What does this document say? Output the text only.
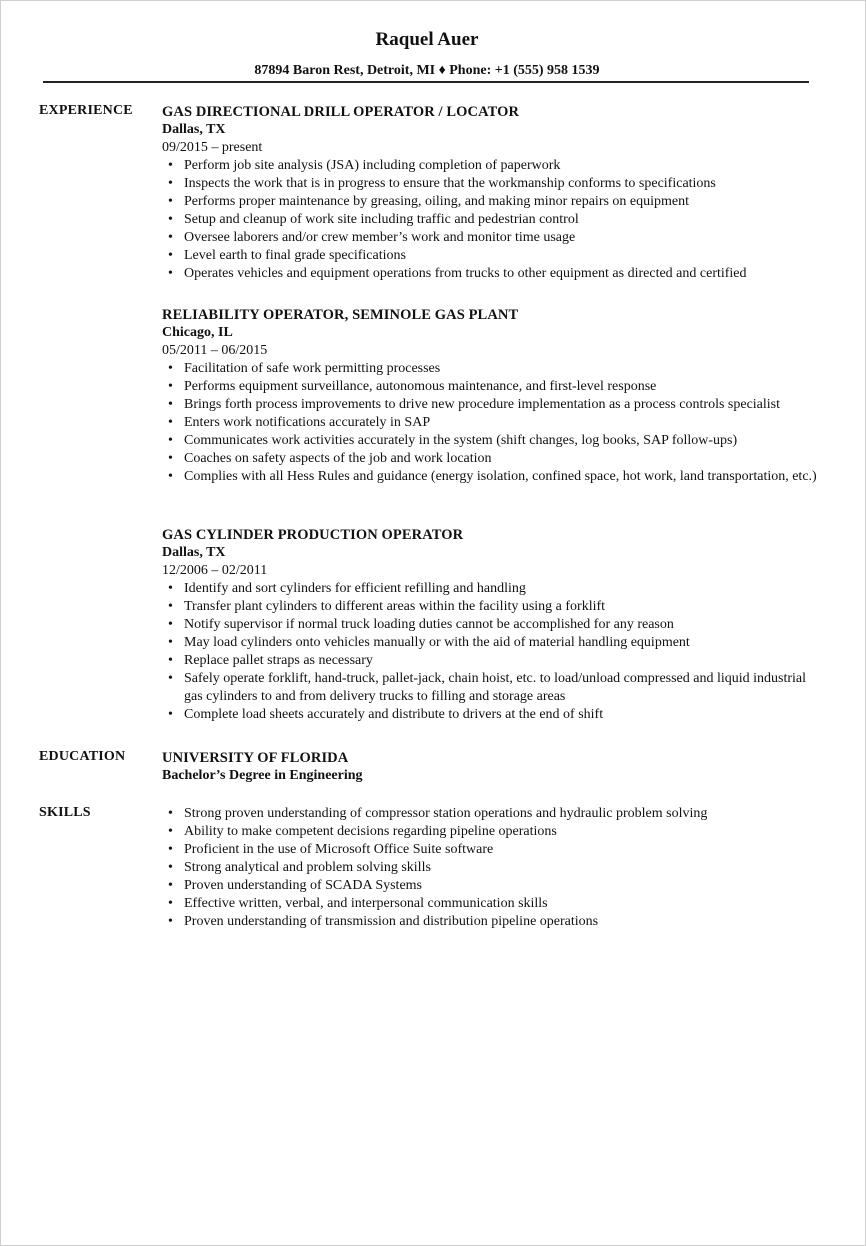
Raquel Auer
87894 Baron Rest, Detroit, MI ♦ Phone: +1 (555) 958 1539
EXPERIENCE GAS DIRECTIONAL DRILL OPERATOR / LOCATOR
Dallas, TX
09/2015 – present
• Perform job site analysis (JSA) including completion of paperwork
• Inspects the work that is in progress to ensure that the workmanship conforms to specifications
• Performs proper maintenance by greasing, oiling, and making minor repairs on equipment
• Setup and cleanup of work site including traffic and pedestrian control
• Oversee laborers and/or crew member’s work and monitor time usage
• Level earth to final grade specifications
• Operates vehicles and equipment operations from trucks to other equipment as directed and certified
RELIABILITY OPERATOR, SEMINOLE GAS PLANT
Chicago, IL
05/2011 – 06/2015
• Facilitation of safe work permitting processes
• Performs equipment surveillance, autonomous maintenance, and first-level response
• Brings forth process improvements to drive new procedure implementation as a process controls specialist
• Enters work notifications accurately in SAP
• Communicates work activities accurately in the system (shift changes, log books, SAP follow-ups)
• Coaches on safety aspects of the job and work location
• Complies with all Hess Rules and guidance (energy isolation, confined space, hot work, land transportation, etc.)
GAS CYLINDER PRODUCTION OPERATOR
Dallas, TX
12/2006 – 02/2011
• Identify and sort cylinders for efficient refilling and handling
• Transfer plant cylinders to different areas within the facility using a forklift
• Notify supervisor if normal truck loading duties cannot be accomplished for any reason
• May load cylinders onto vehicles manually or with the aid of material handling equipment
• Replace pallet straps as necessary
• Safely operate forklift, hand-truck, pallet-jack, chain hoist, etc. to load/unload compressed and liquid industrial gas cylinders to and from delivery trucks to filling and storage areas
• Complete load sheets accurately and distribute to drivers at the end of shift
EDUCATION	UNIVERSITY OF FLORIDA
Bachelor’s Degree in Engineering
SKILLS
•	Strong proven understanding of compressor station operations and hydraulic problem solving
• Ability to make competent decisions regarding pipeline operations
• Proficient in the use of Microsoft Office Suite software
• Strong analytical and problem solving skills
• Proven understanding of SCADA Systems
• Effective written, verbal, and interpersonal communication skills
• Proven understanding of transmission and distribution pipeline operations
